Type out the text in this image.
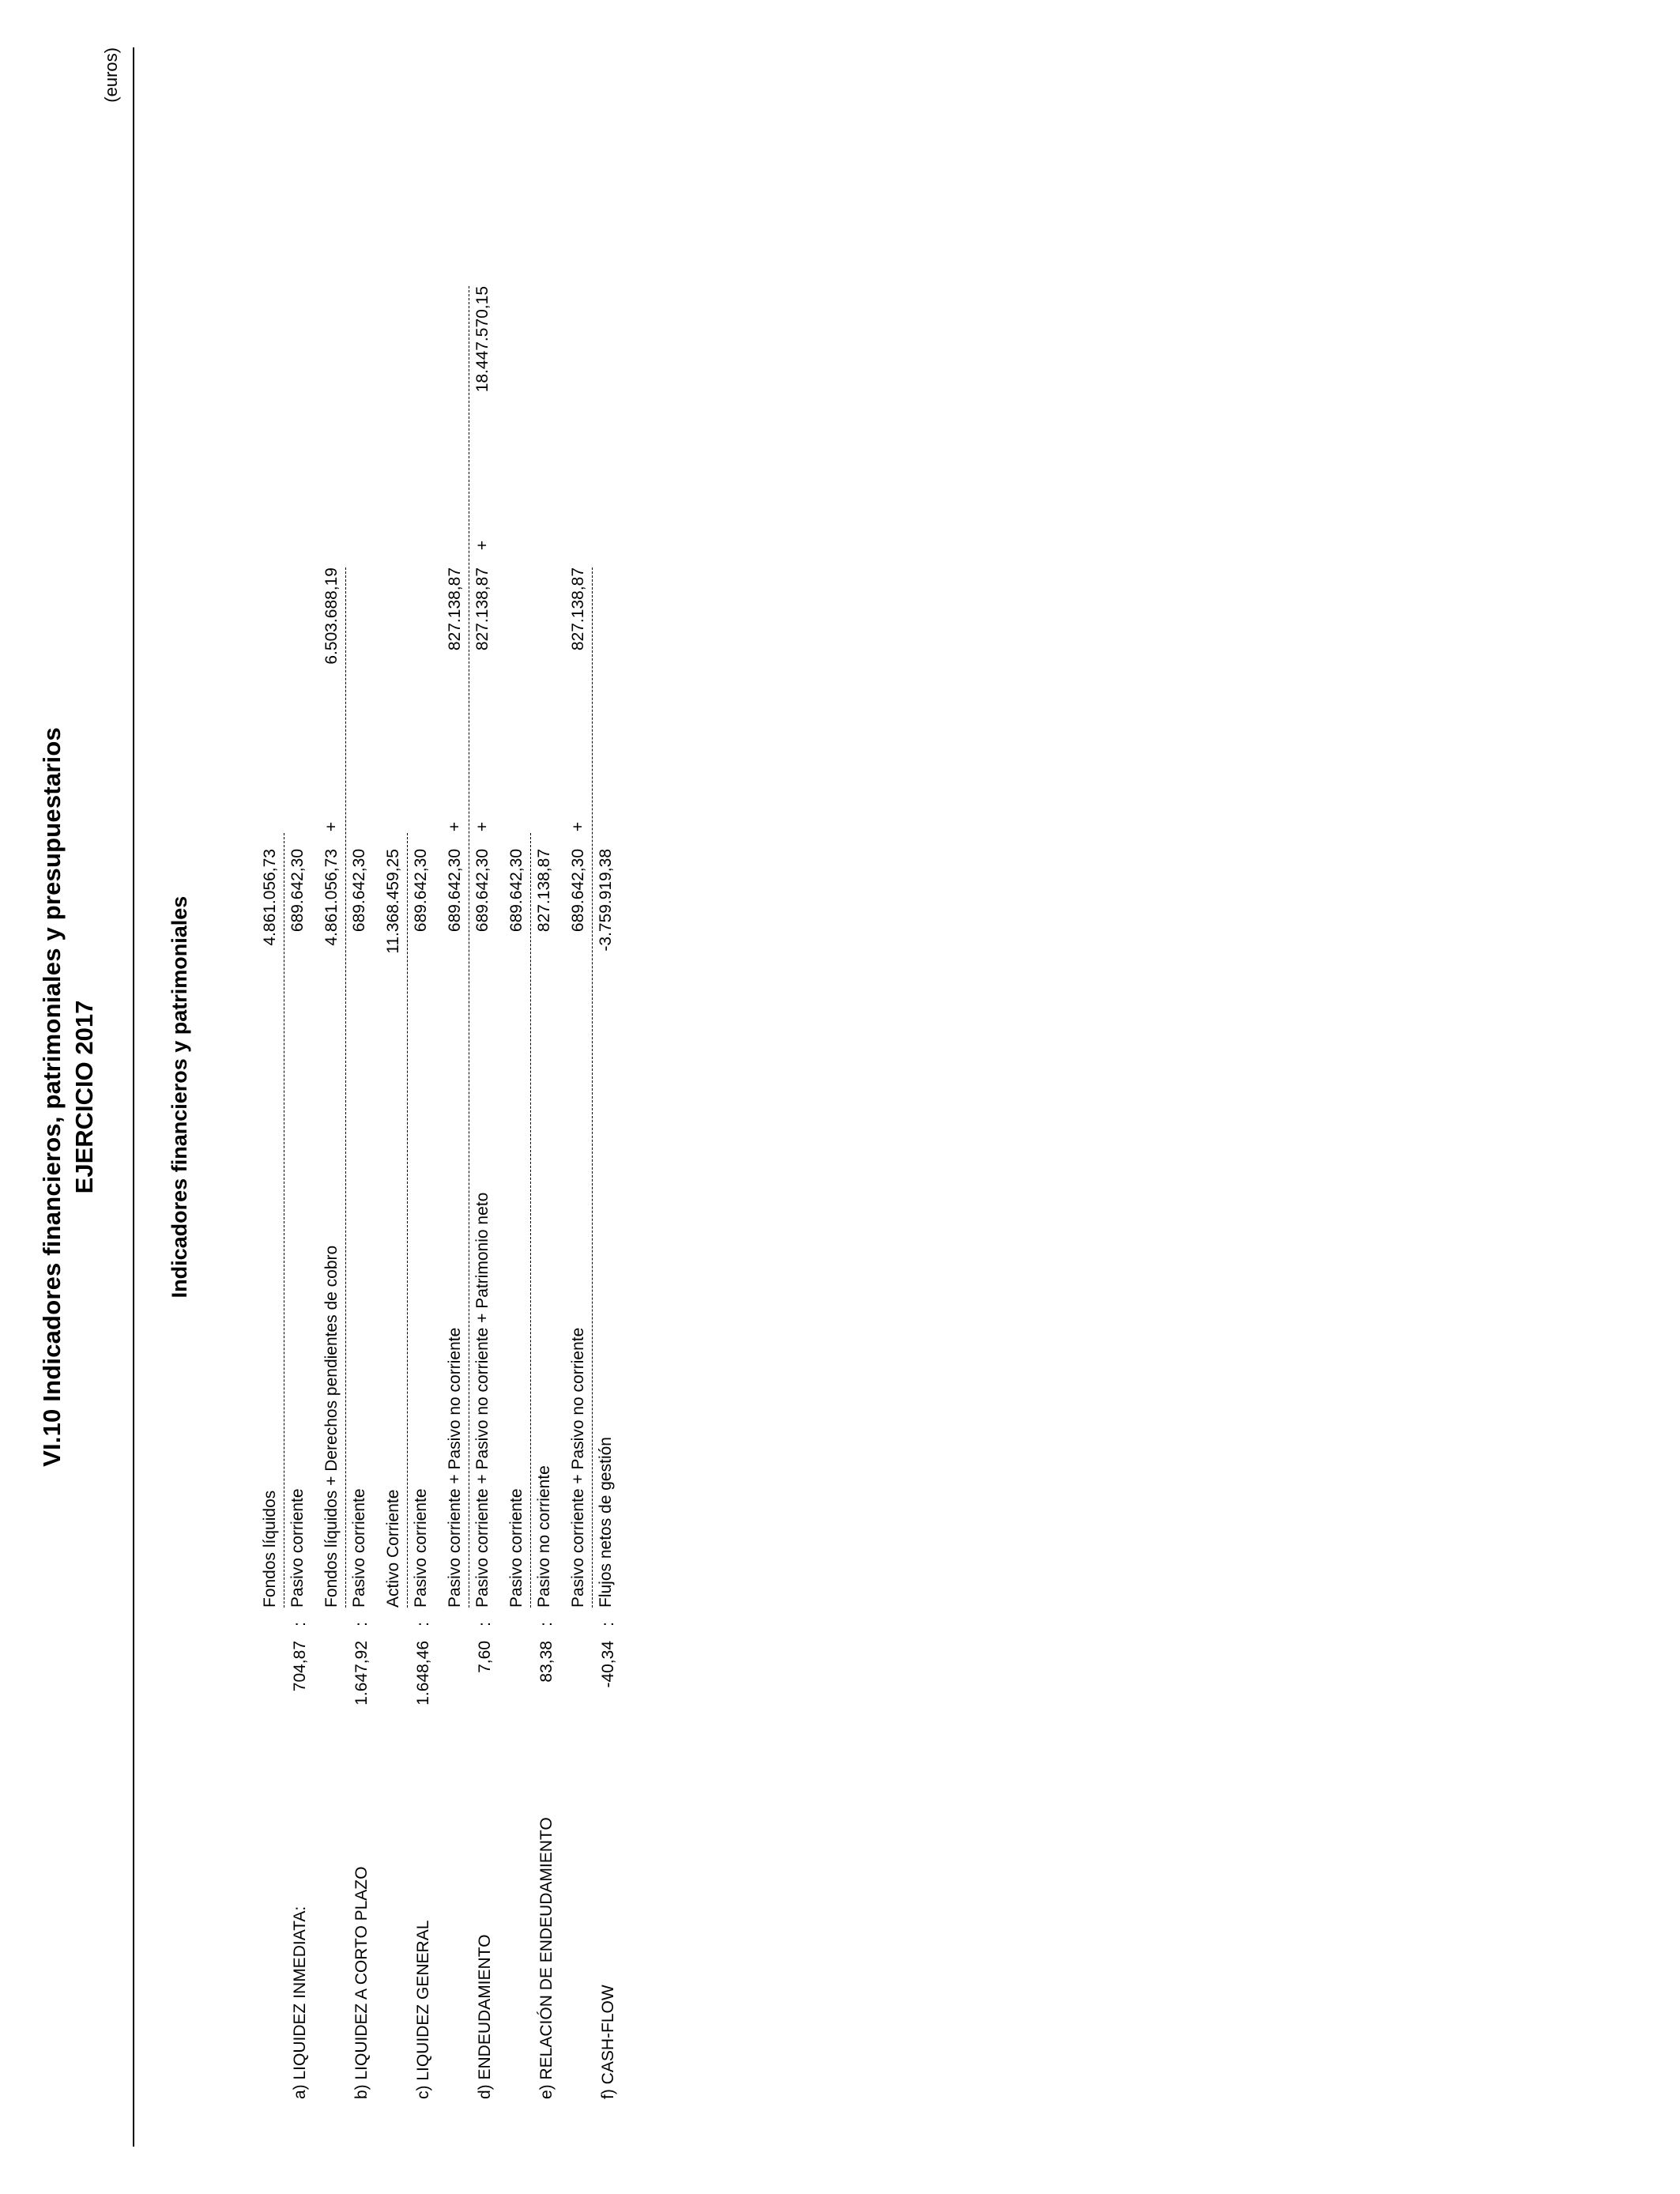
VI.10 Indicadores financieros, patrimoniales y presupuestarios EJERCICIO 2017
(euros)
Indicadores financieros y patrimoniales
a) LIQUIDEZ INMEDIATA:
704,87
:
Fondos líquidos
4.861.056,73
Pasivo corriente
689.642,30
b) LIQUIDEZ A CORTO PLAZO
1.647,92
:
Fondos líquidos + Derechos pendientes de cobro
4.861.056,73
+
6.503.688,19
Pasivo corriente
689.642,30
c) LIQUIDEZ GENERAL
1.648,46
:
Activo Corriente
11.368.459,25
Pasivo corriente
689.642,30
d) ENDEUDAMIENTO
7,60
:
Pasivo corriente + Pasivo no corriente
689.642,30
+
827.138,87
Pasivo corriente + Pasivo no corriente + Patrimonio neto
689.642,30
+
827.138,87
+
18.447.570,15
e) RELACIÓN DE ENDEUDAMIENTO
83,38
:
Pasivo corriente
689.642,30
Pasivo no corriente
827.138,87
f) CASH-FLOW
-40,34
:
Pasivo corriente + Pasivo no corriente
689.642,30
+
827.138,87
Flujos netos de gestión
-3.759.919,38
